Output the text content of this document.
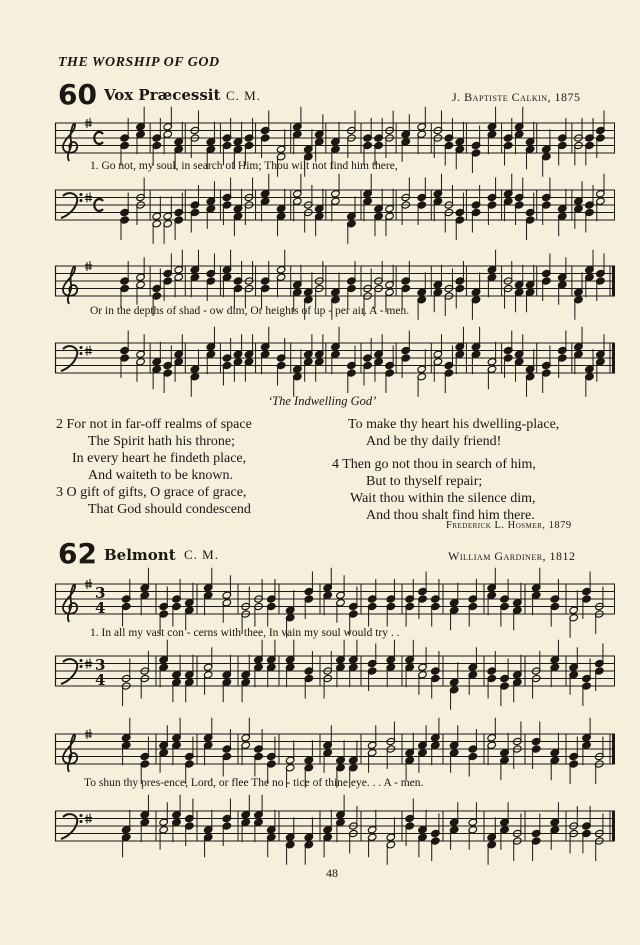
THE WORSHIP OF GOD
60 Vox Præcessit C. M.	J. Baptiste Calkin, 1875
1. Go not, my soul, in search of Him; Thou wilt not find him there,
Or in the depths of shad - ow dim, Or heights of up - per air. A - men.
‘The Indwelling God’
2 For not in far-off realms of space
The Spirit hath his throne;
In every heart he findeth place,
And waiteth to be known.
3 O gift of gifts, O grace of grace,
That God should condescend
To make thy heart his dwelling-place,
And be thy daily friend!
4 Then go not thou in search of him,
But to thyself repair;
Wait thou within the silence dim,
And thou shalt find him there.
Frederick L. Hosmer, 1879
62 Belmont C. M.	William Gardiner, 1812
3
4
1. In all my vast con - cerns with thee, In vain my soul would try . .
3
4
To shun thy pres-ence, Lord, or flee The no - tice of thine eye. . . A - men.
48
